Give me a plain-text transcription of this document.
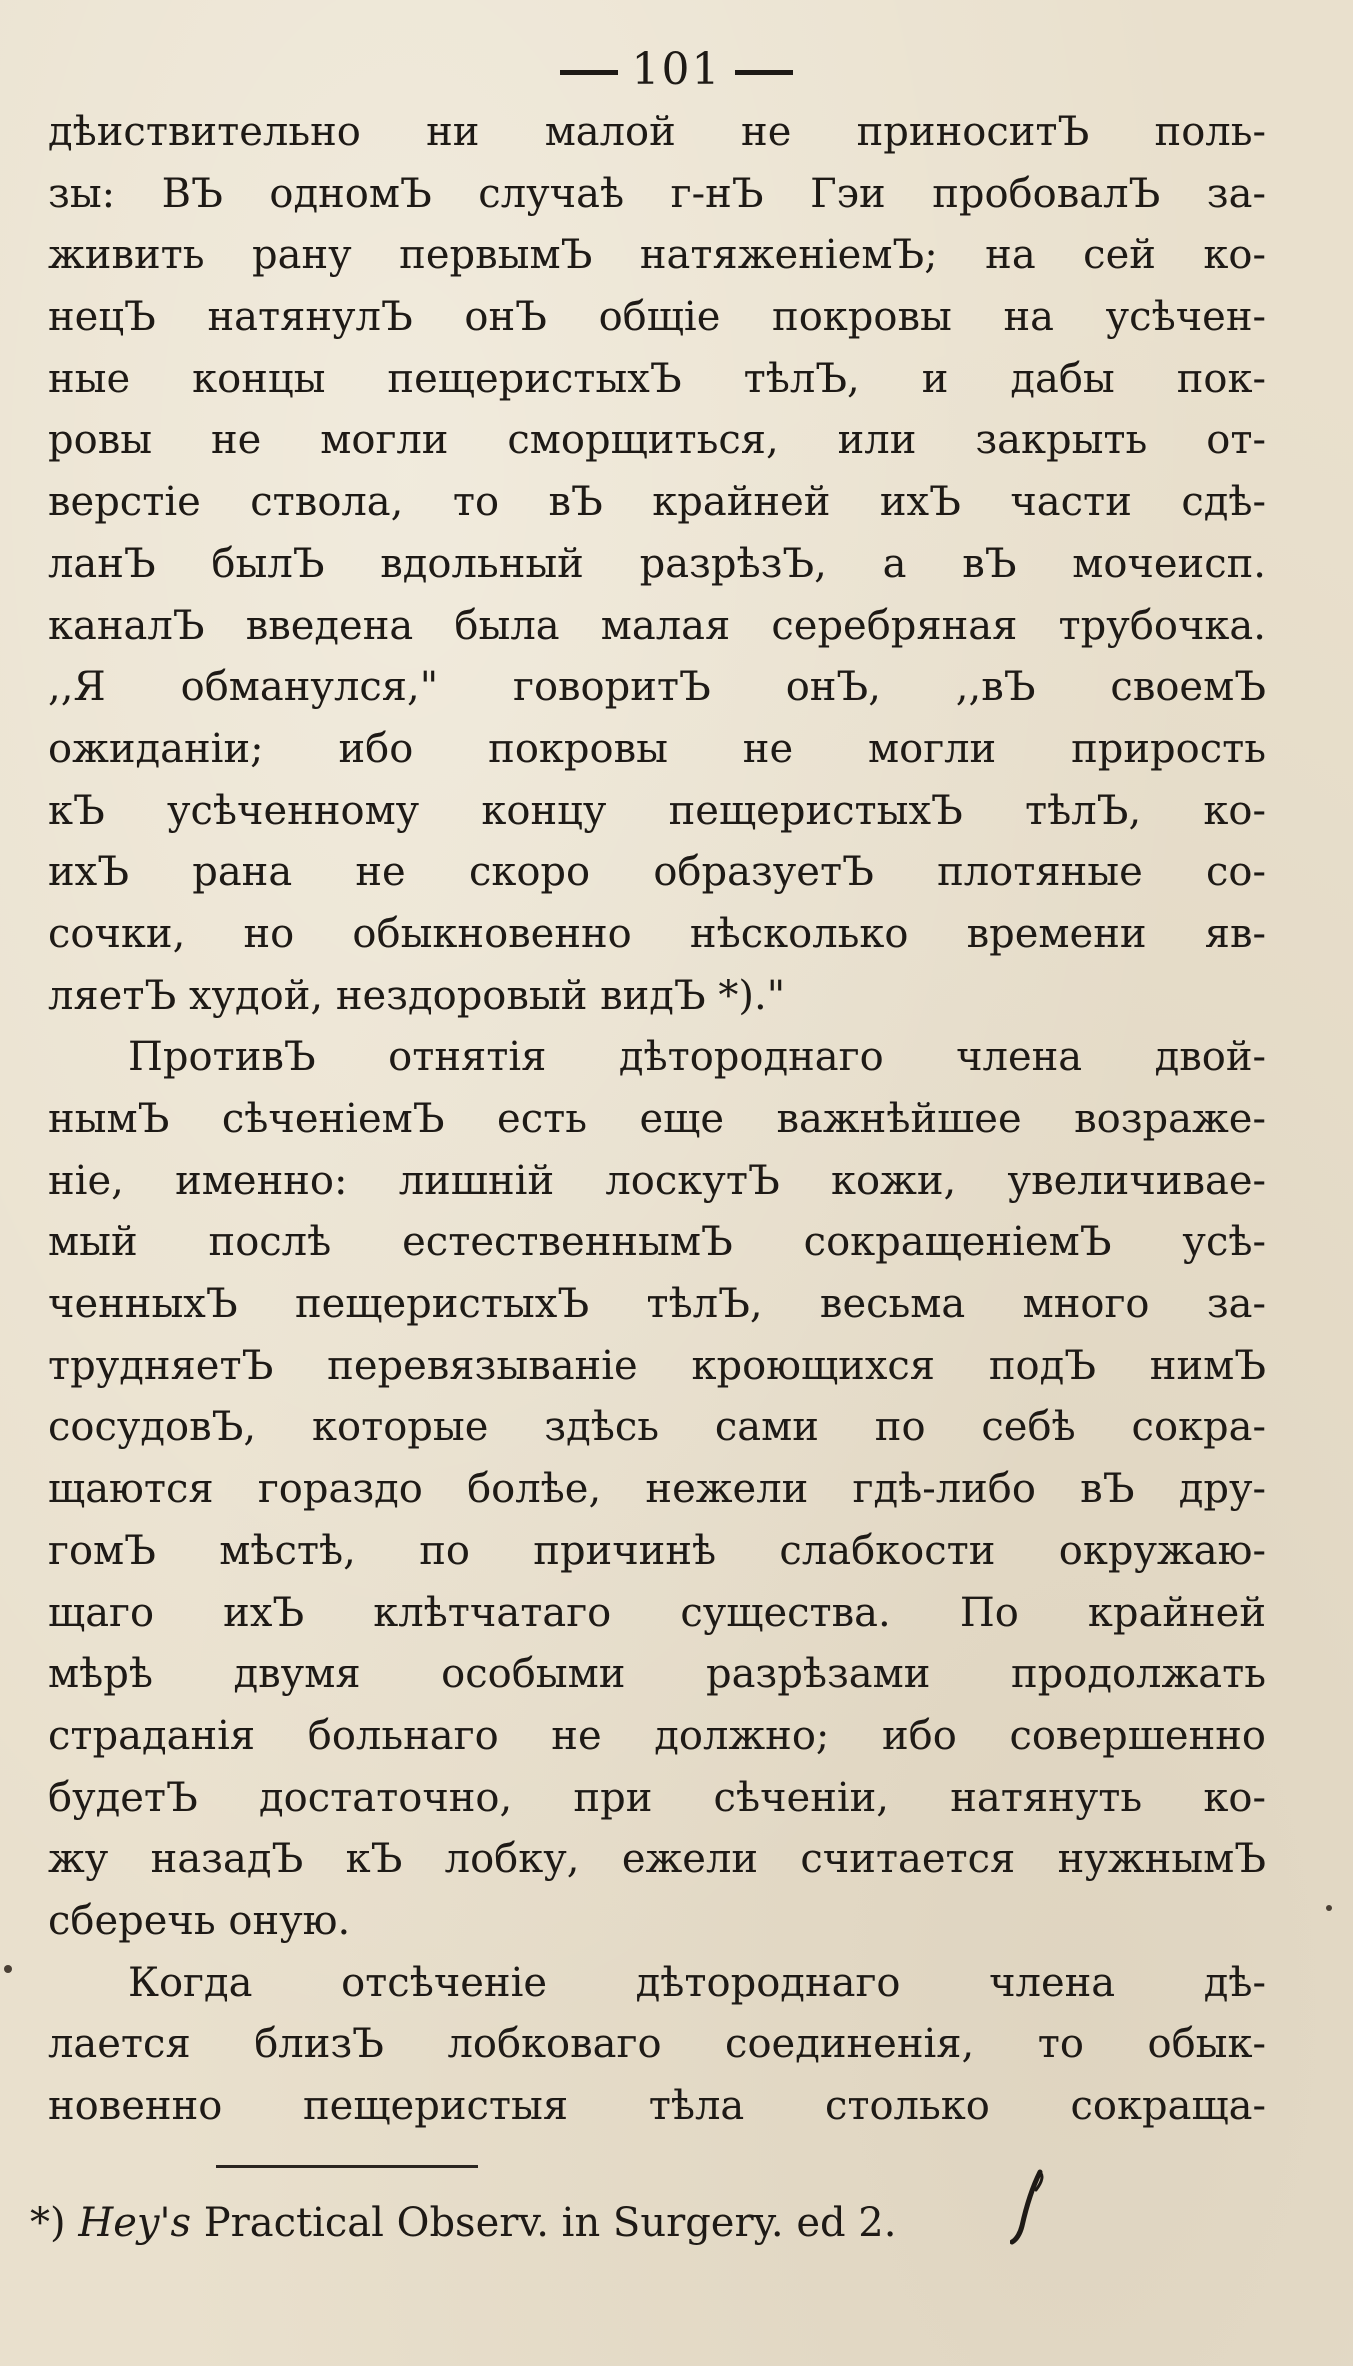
101
дѣиствительно ни малой не приноситЪ поль-
зы: ВЪ одномЪ случаѣ г-нЪ Гэи пробовалЪ за-
живить рану первымЪ натяженіемЪ; на сей ко-
нецЪ натянулЪ онЪ общіе покровы на усѣчен-
ные концы пещеристыхЪ тѣлЪ, и дабы пок-
ровы не могли сморщиться, или закрыть от-
верстіе ствола, то вЪ крайней ихЪ части сдѣ-
ланЪ былЪ вдольный разрѣзЪ, а вЪ мочеисп.
каналЪ введена была малая серебряная трубочка.
,,Я обманулся," говоритЪ онЪ, ,,вЪ своемЪ
ожиданіи; ибо покровы не могли прирость
кЪ усѣченному концу пещеристыхЪ тѣлЪ, ко-
ихЪ рана не скоро образуетЪ плотяные со-
сочки, но обыкновенно нѣсколько времени яв-
ляетЪ худой, нездоровый видЪ *)."
ПротивЪ отнятія дѣтороднаго члена двой-
нымЪ сѣченіемЪ есть еще важнѣйшее возраже-
ніе, именно: лишній лоскутЪ кожи, увеличивае-
мый послѣ естественнымЪ сокращеніемЪ усѣ-
ченныхЪ пещеристыхЪ тѣлЪ, весьма много за-
трудняетЪ перевязываніе кроющихся подЪ нимЪ
сосудовЪ, которые здѣсь сами по себѣ сокра-
щаются гораздо болѣе, нежели гдѣ-либо вЪ дру-
гомЪ мѣстѣ, по причинѣ слабкости окружаю-
щаго ихЪ клѣтчатаго существа. По крайней
мѣрѣ двумя особыми разрѣзами продолжать
страданія больнаго не должно; ибо совершенно
будетЪ достаточно, при сѣченіи, натянуть ко-
жу назадЪ кЪ лобку, ежели считается нужнымЪ
сберечь оную.
Когда отсѣченіе дѣтороднаго члена дѣ-
лается близЪ лобковаго соединенія, то обык-
новенно пещеристыя тѣла столько сокраща-
*) Hey's Practical Observ. in Surgery. ed 2.
